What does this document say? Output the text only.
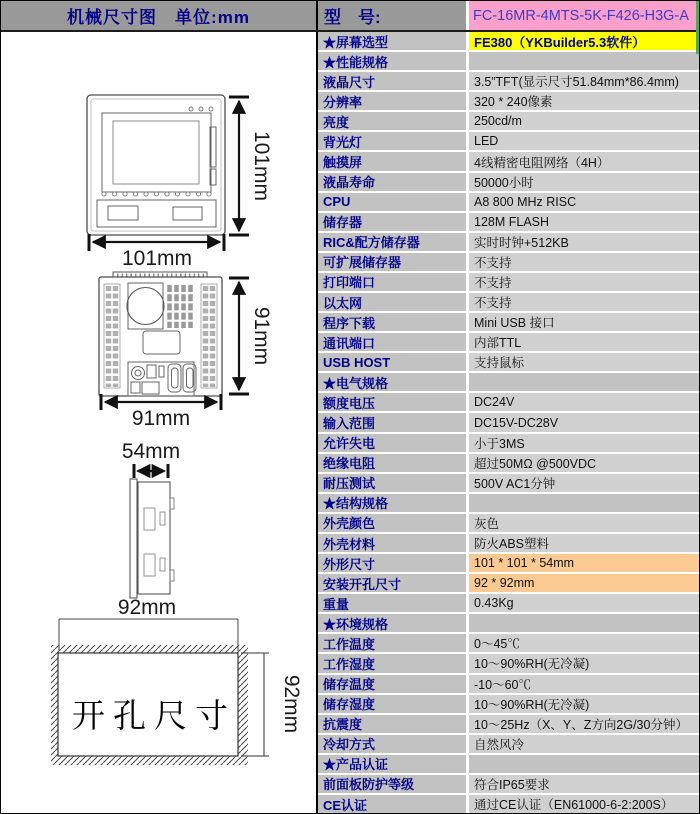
机械尺寸图　单位:mm	型　号:	FC-16MR-4MTS-5K-F426-H3G-A
101mm
101mm
91mm
91mm
54mm
92mm
开孔尺寸 92mm
★屏幕选型	FE380（YKBuilder5.3软件）
★性能规格
液晶尺寸	3.5”TFT(显示尺寸51.84mm*86.4mm)
分辨率	320 * 240像素
亮度	250cd/m
背光灯	LED
触摸屏	4线精密电阻网络（4H）
液晶寿命	50000小时
CPU	A8 800 MHz RISC
储存器	128M FLASH
RIC&配方储存器	实时时钟+512KB
可扩展储存器	不支持
打印端口	不支持
以太网	不支持
程序下载	Mini USB 接口
通讯端口	内部TTL
USB HOST	支持鼠标
★电气规格
额度电压	DC24V
输入范围	DC15V-DC28V
允许失电	小于3MS
绝缘电阻	超过50MΩ @500VDC
耐压测试	500V AC1分钟
★结构规格
外壳颜色	灰色
外壳材料	防火ABS塑料
外形尺寸	101 * 101 * 54mm
安装开孔尺寸	92 * 92mm
重量	0.43Kg
★环境规格
工作温度	0～45℃
工作湿度	10～90%RH(无冷凝)
储存温度	-10～60℃
储存湿度	10～90%RH(无冷凝)
抗震度	10～25Hz（X、Y、Z方向2G/30分钟）
冷却方式	自然风冷
★产品认证
前面板防护等级	符合IP65要求
CE认证	通过CE认证（EN61000-6-2:200S）
